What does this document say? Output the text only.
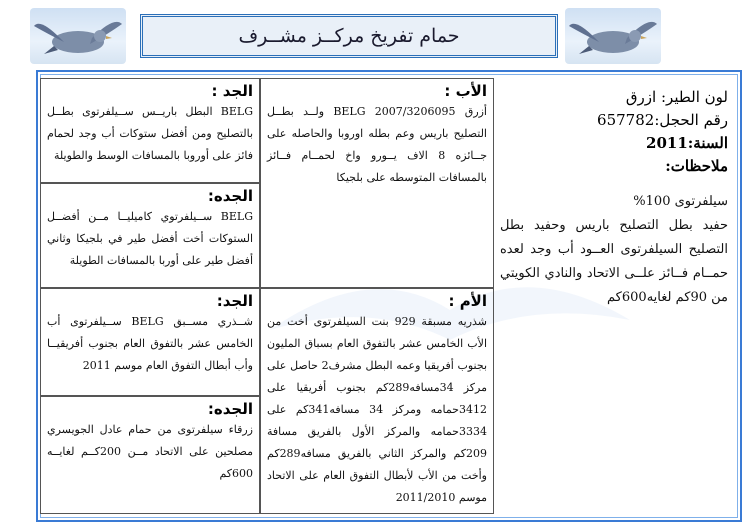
حمام تفريخ مركــز مشــرف

لون الطير: ازرق

رقم الحجل:657782

السنة:2011

ملاحظات:

سيلفرتوى 100%

حفيد بطل التصليح باريس وحفيد بطل التصليح السيلفرتوى العــود أب وجد لعده حمــام فــائز علــى الاتحاد والنادي الكويتي من 90كم لغايه600كم

الأب :

أزرق BELG 2007/3206095 ولــد بطــل التصليح باريس وعم بطله اوروبا والحاصله على جــائزه 8 الاف يــورو واخ لحمــام فــائز بالمسافات المتوسطه على بلجيكا

الأم :

شذريه مسبقة 929 بنت السيلفرتوى أخت من الأب الخامس عشر بالتفوق العام بسباق المليون بجنوب أفريقيا وعمه البطل مشرف2 حاصل على مركز 34مسافه289كم بجنوب أفريقيا على 3412حمامه ومركز 34 مسافه341كم على 3334حمامه والمركز الأول بالفريق مسافة 209كم والمركز الثاني بالفريق مسافه289كم وأخت من الأب لأبطال التفوق العام على الاتحاد موسم 2011/2010

الجد :

BELG البطل باريــس ســيلفرتوى بطــل بالتصليح ومن أفضل ستوكات أب وجد لحمام فائز على أوروبا بالمسافات الوسط والطويلة

الجده:

BELG ســيلفرتوي كاميليــا مــن أفضــل الستوكات أخت أفضل طير في بلجيكا وثاني أفضل طير على أوربا بالمسافات الطويلة

الجد:

شــذري مســبق BELG ســيلفرتوى أب الخامس عشر بالتفوق العام بجنوب أفريقيــا وأب أبطال التفوق العام موسم 2011

الجده:

زرقاء سيلفرتوى من حمام عادل الجويسري مصلحين على الاتحاد مــن 200كــم لغايــه 600كم
